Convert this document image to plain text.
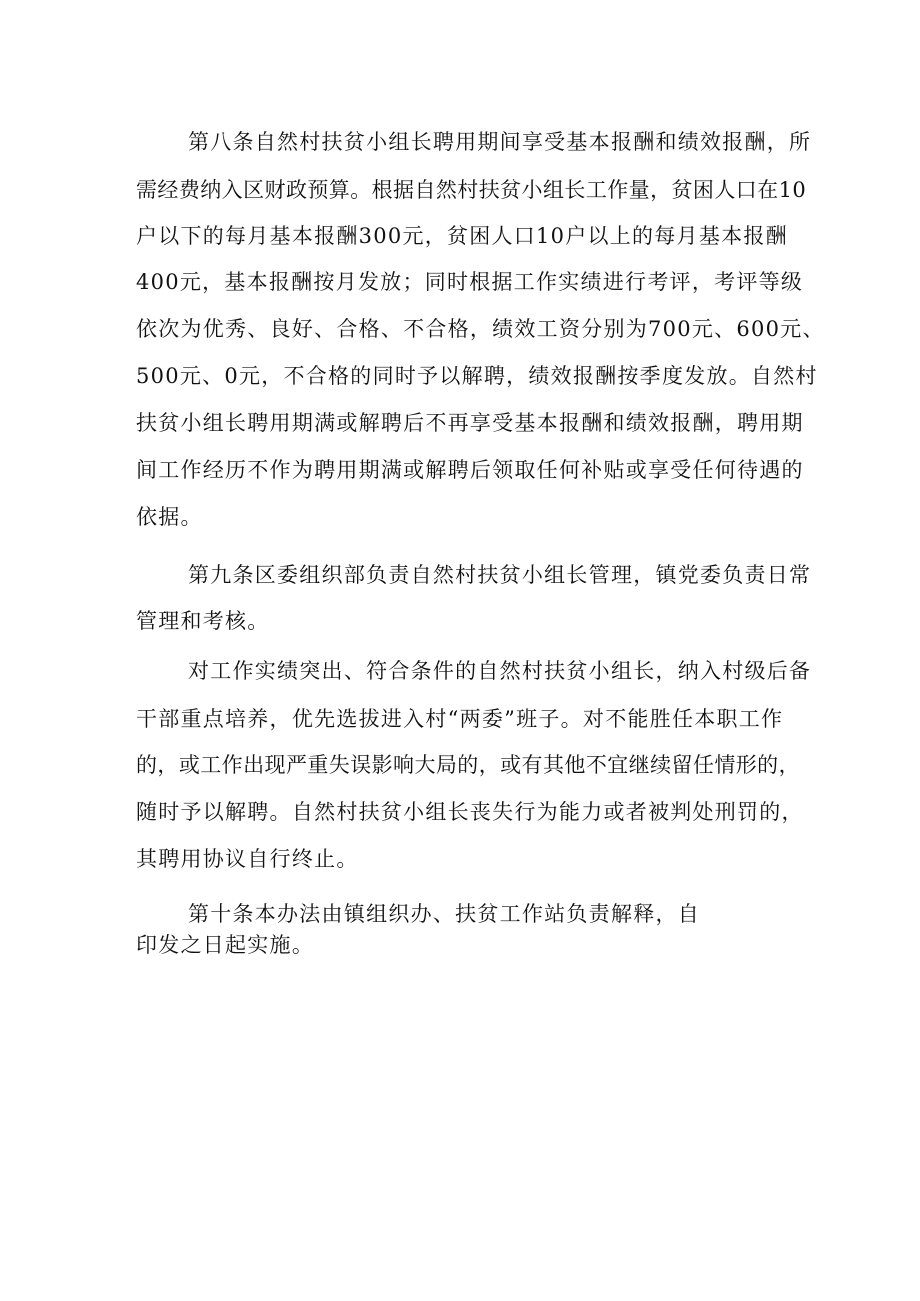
第八条自然村扶贫小组长聘用期间享受基本报酬和绩效报酬，所

需经费纳入区财政预算。根据自然村扶贫小组长工作量，贫困人口在10

户以下的每月基本报酬300元，贫困人口10户以上的每月基本报酬

400元，基本报酬按月发放；同时根据工作实绩进行考评，考评等级

依次为优秀、良好、合格、不合格，绩效工资分别为700元、600元、

500元、0元，不合格的同时予以解聘，绩效报酬按季度发放。自然村

扶贫小组长聘用期满或解聘后不再享受基本报酬和绩效报酬，聘用期

间工作经历不作为聘用期满或解聘后领取任何补贴或享受任何待遇的

依据。

第九条区委组织部负责自然村扶贫小组长管理，镇党委负责日常

管理和考核。

对工作实绩突出、符合条件的自然村扶贫小组长，纳入村级后备

干部重点培养，优先选拔进入村“两委”班子。对不能胜任本职工作

的，或工作出现严重失误影响大局的，或有其他不宜继续留任情形的，

随时予以解聘。自然村扶贫小组长丧失行为能力或者被判处刑罚的，

其聘用协议自行终止。

第十条本办法由镇组织办、扶贫工作站负责解释，自

印发之日起实施。
